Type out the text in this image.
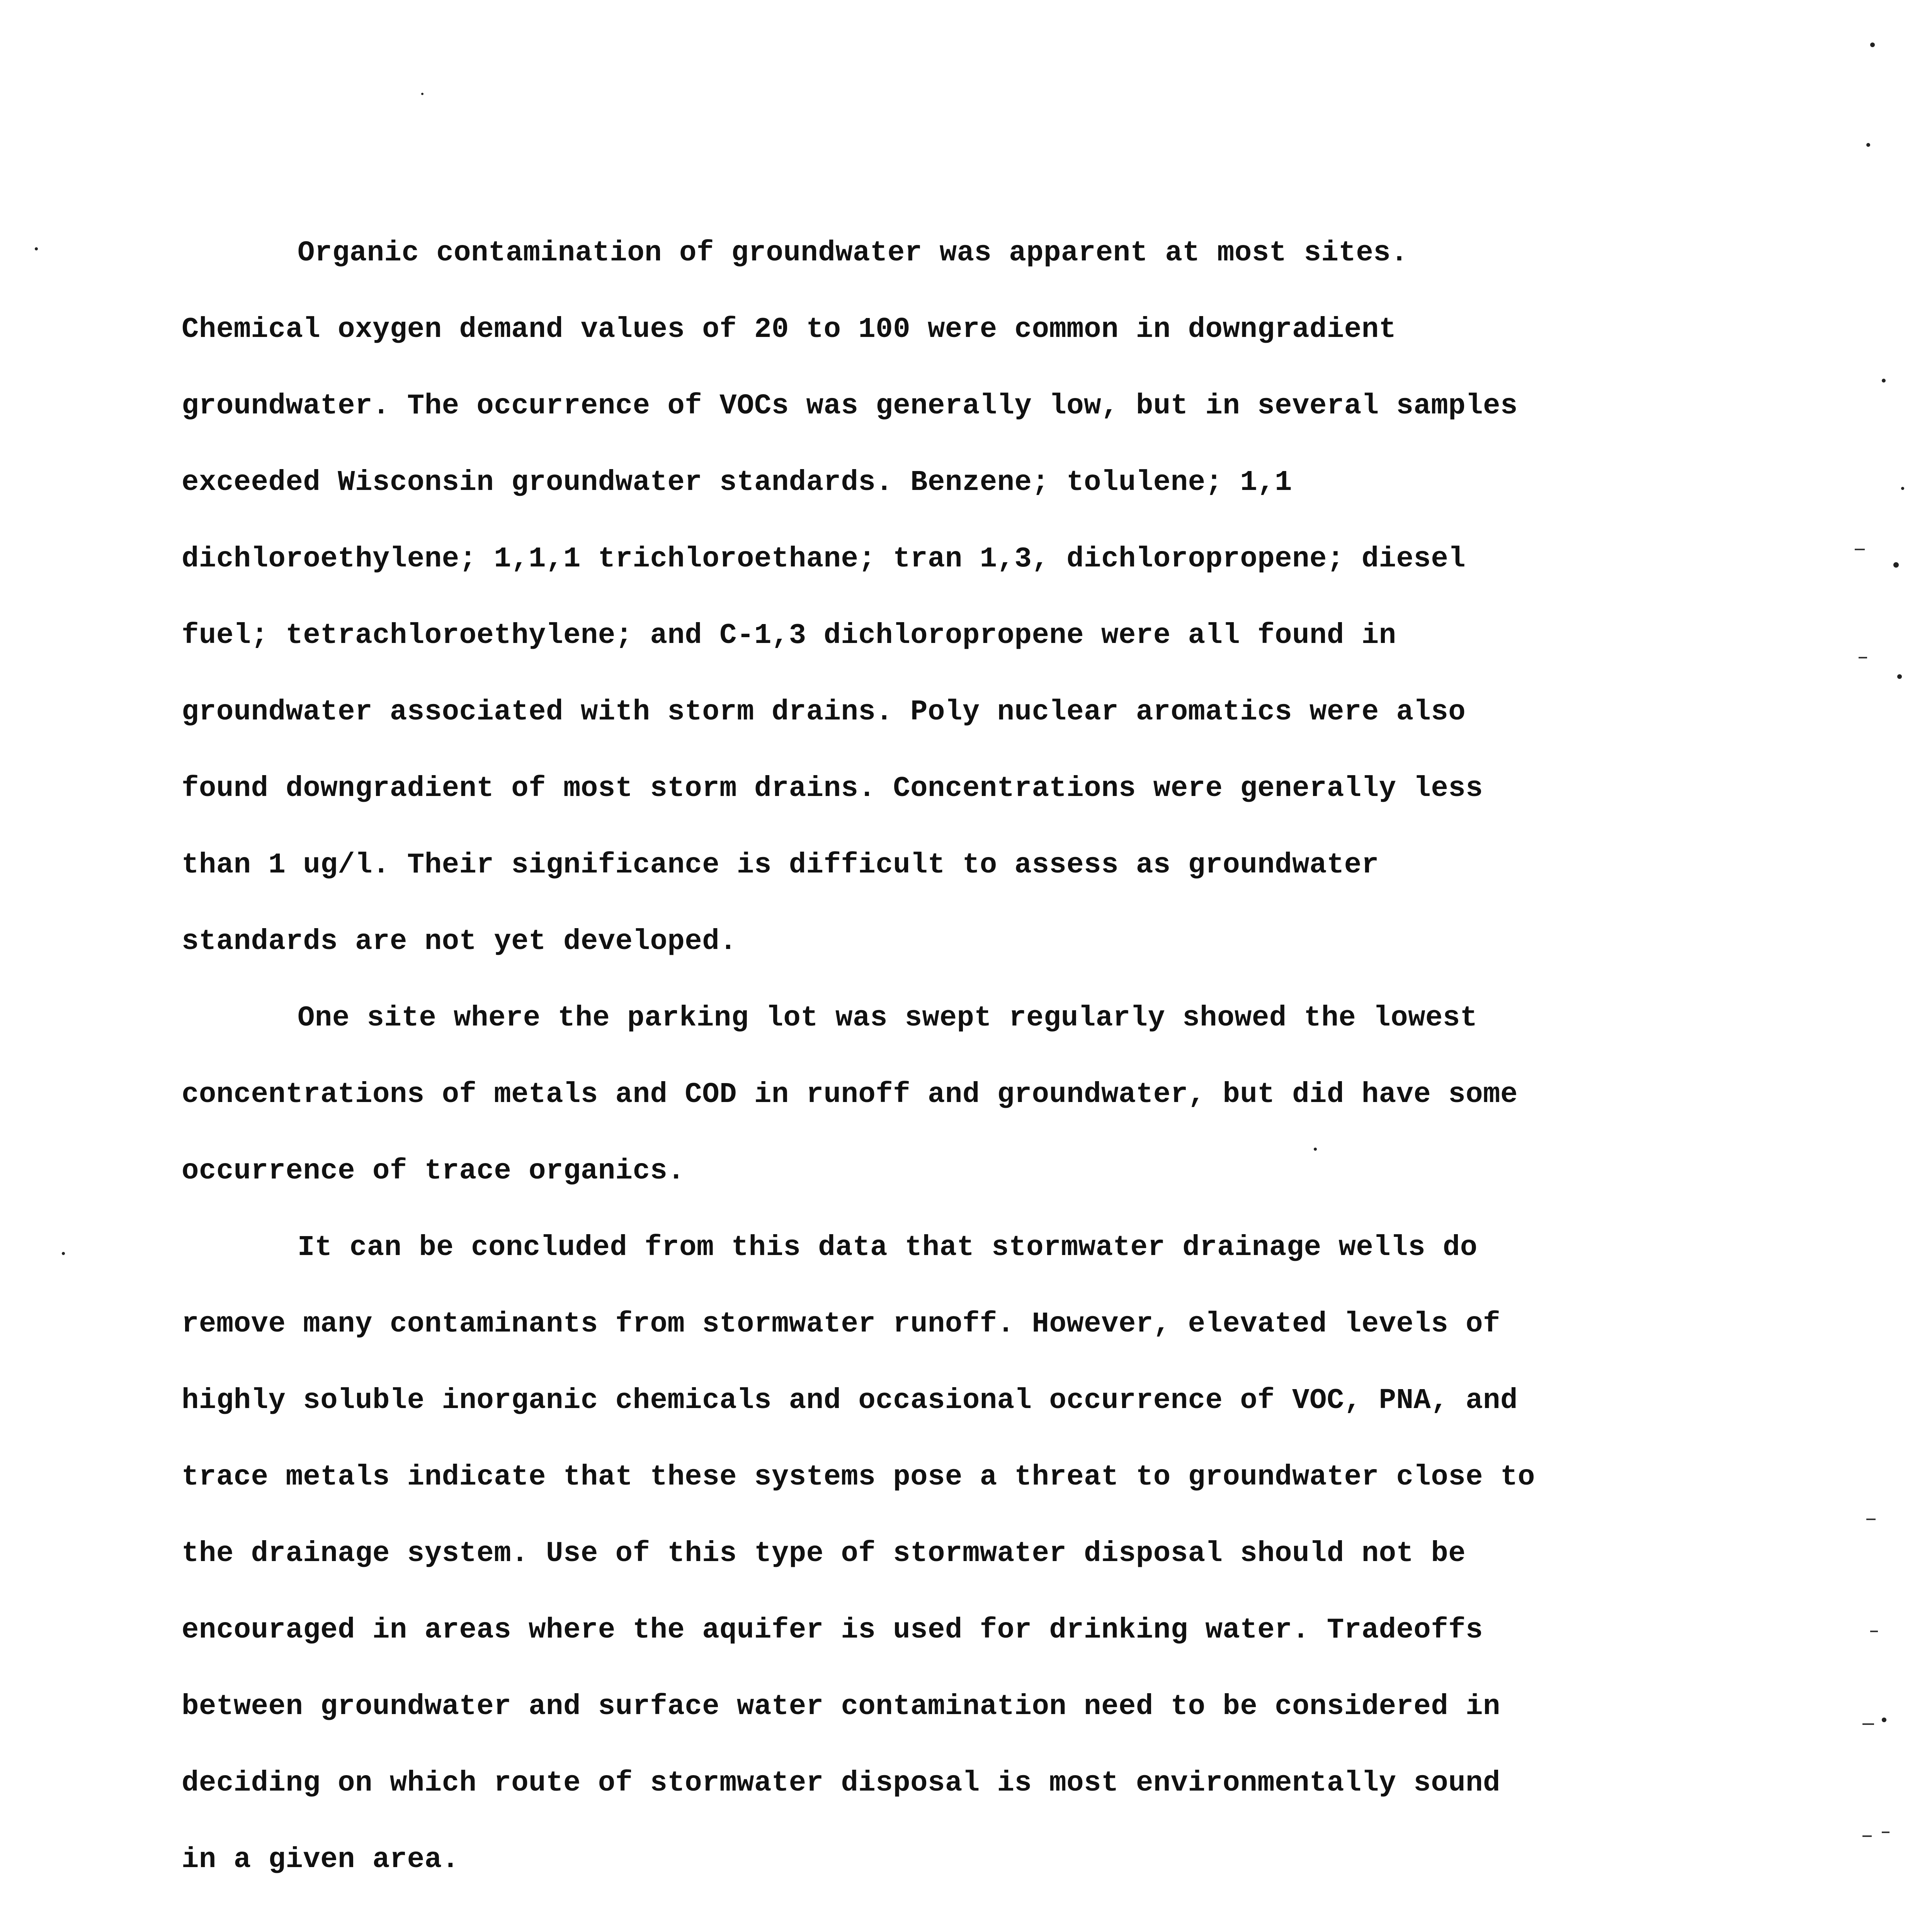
Organic contamination of groundwater was apparent at most sites.
Chemical oxygen demand values of 20 to 100 were common in downgradient
groundwater. The occurrence of VOCs was generally low, but in several samples
exceeded Wisconsin groundwater standards. Benzene; tolulene; 1,1
dichloroethylene; 1,1,1 trichloroethane; tran 1,3, dichloropropene; diesel
fuel; tetrachloroethylene; and C-1,3 dichloropropene were all found in
groundwater associated with storm drains. Poly nuclear aromatics were also
found downgradient of most storm drains. Concentrations were generally less
than 1 ug/l. Their significance is difficult to assess as groundwater
standards are not yet developed.
One site where the parking lot was swept regularly showed the lowest
concentrations of metals and COD in runoff and groundwater, but did have some
occurrence of trace organics.
It can be concluded from this data that stormwater drainage wells do
remove many contaminants from stormwater runoff. However, elevated levels of
highly soluble inorganic chemicals and occasional occurrence of VOC, PNA, and
trace metals indicate that these systems pose a threat to groundwater close to
the drainage system. Use of this type of stormwater disposal should not be
encouraged in areas where the aquifer is used for drinking water. Tradeoffs
between groundwater and surface water contamination need to be considered in
deciding on which route of stormwater disposal is most environmentally sound
in a given area.
